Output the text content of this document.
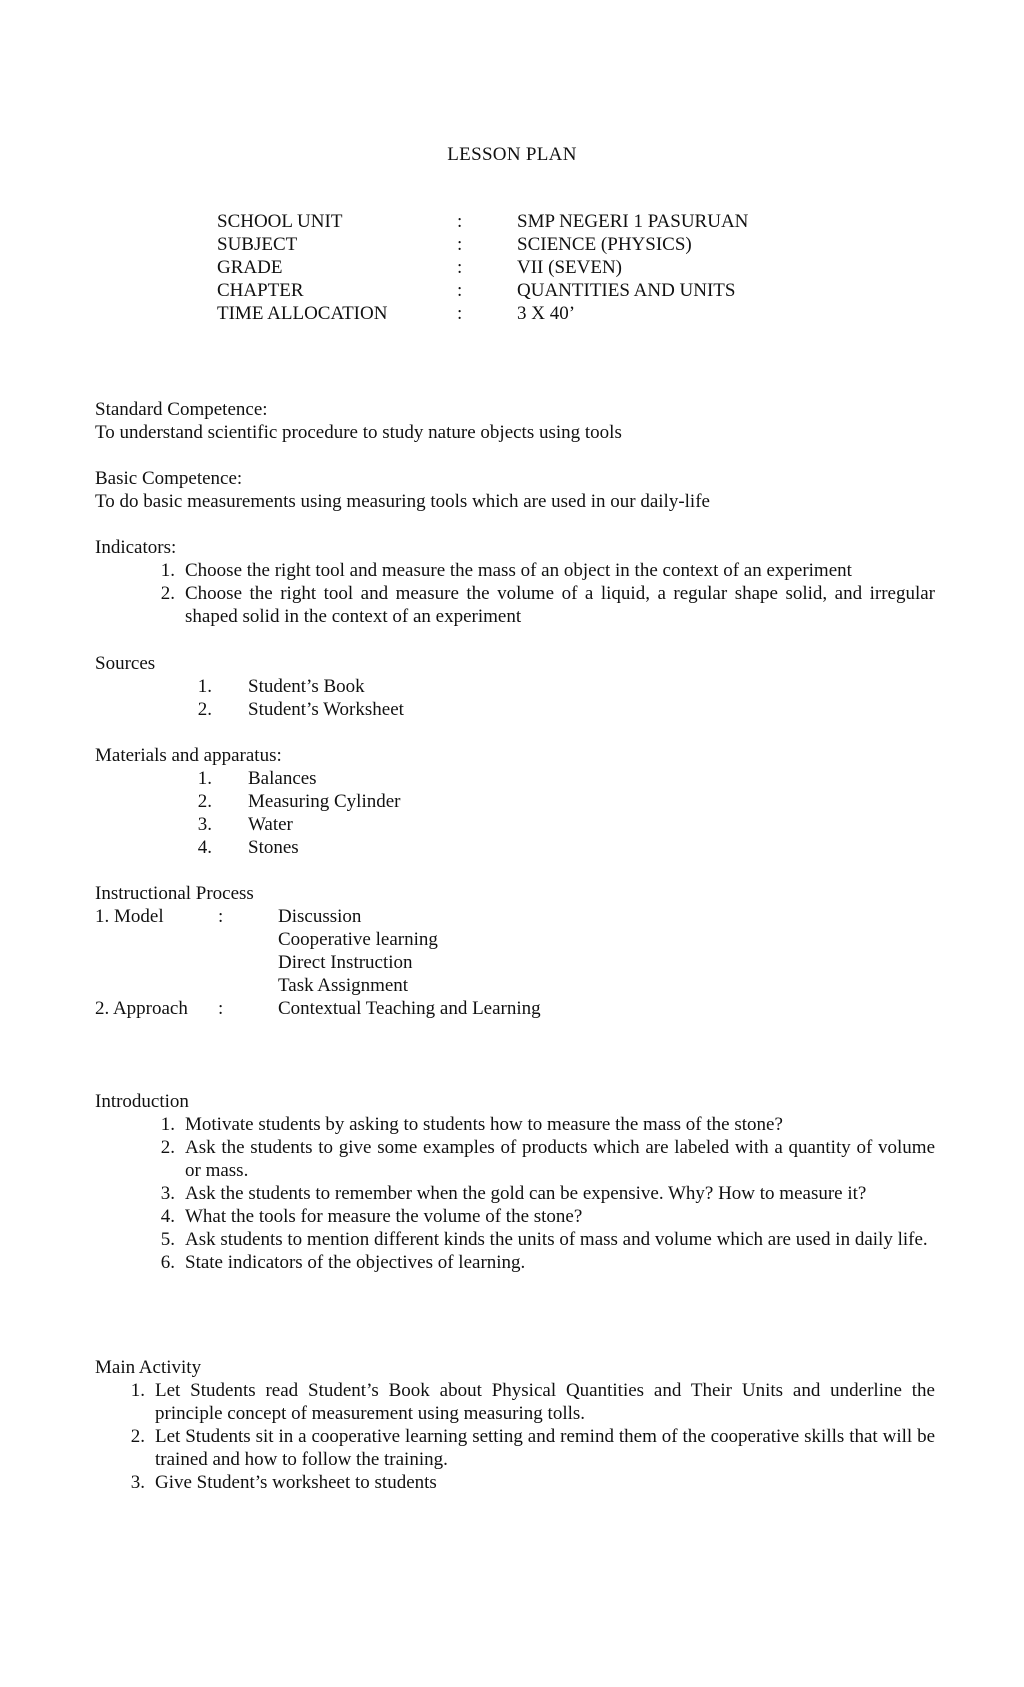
LESSON PLAN
SCHOOL UNIT	:	SMP NEGERI 1 PASURUAN
SUBJECT	:	SCIENCE (PHYSICS)
GRADE	:	VII (SEVEN)
CHAPTER	:	QUANTITIES AND UNITS
TIME ALLOCATION	:	3 X 40’
Standard Competence:
To understand scientific procedure to study nature objects using tools
Basic Competence:
To do basic measurements using measuring tools which are used in our daily-life
Indicators:
1. Choose the right tool and measure the mass of an object in the context of an experiment
2. Choose the right tool and measure the volume of a liquid, a regular shape solid, and irregular shaped solid in the context of an experiment
Sources
1.	Student’s Book
2.	Student’s Worksheet
Materials and apparatus:
1.	Balances
2.	Measuring Cylinder
3.	Water
4.	Stones
Instructional Process
1. Model	:	Discussion
Cooperative learning
Direct Instruction
Task Assignment
2. Approach	:	Contextual Teaching and Learning
Introduction
1. Motivate students by asking to students how to measure the mass of the stone?
2. Ask the students to give some examples of products which are labeled with a quantity of volume or mass.
3. Ask the students to remember when the gold can be expensive. Why? How to measure it?
4. What the tools for measure the volume of the stone?
5. Ask students to mention different kinds the units of mass and volume which are used in daily life.
6. State indicators of the objectives of learning.
Main Activity
1. Let Students read Student’s Book about Physical Quantities and Their Units and underline the principle concept of measurement using measuring tolls.
2. Let Students sit in a cooperative learning setting and remind them of the cooperative skills that will be trained and how to follow the training.
3. Give Student’s worksheet to students
